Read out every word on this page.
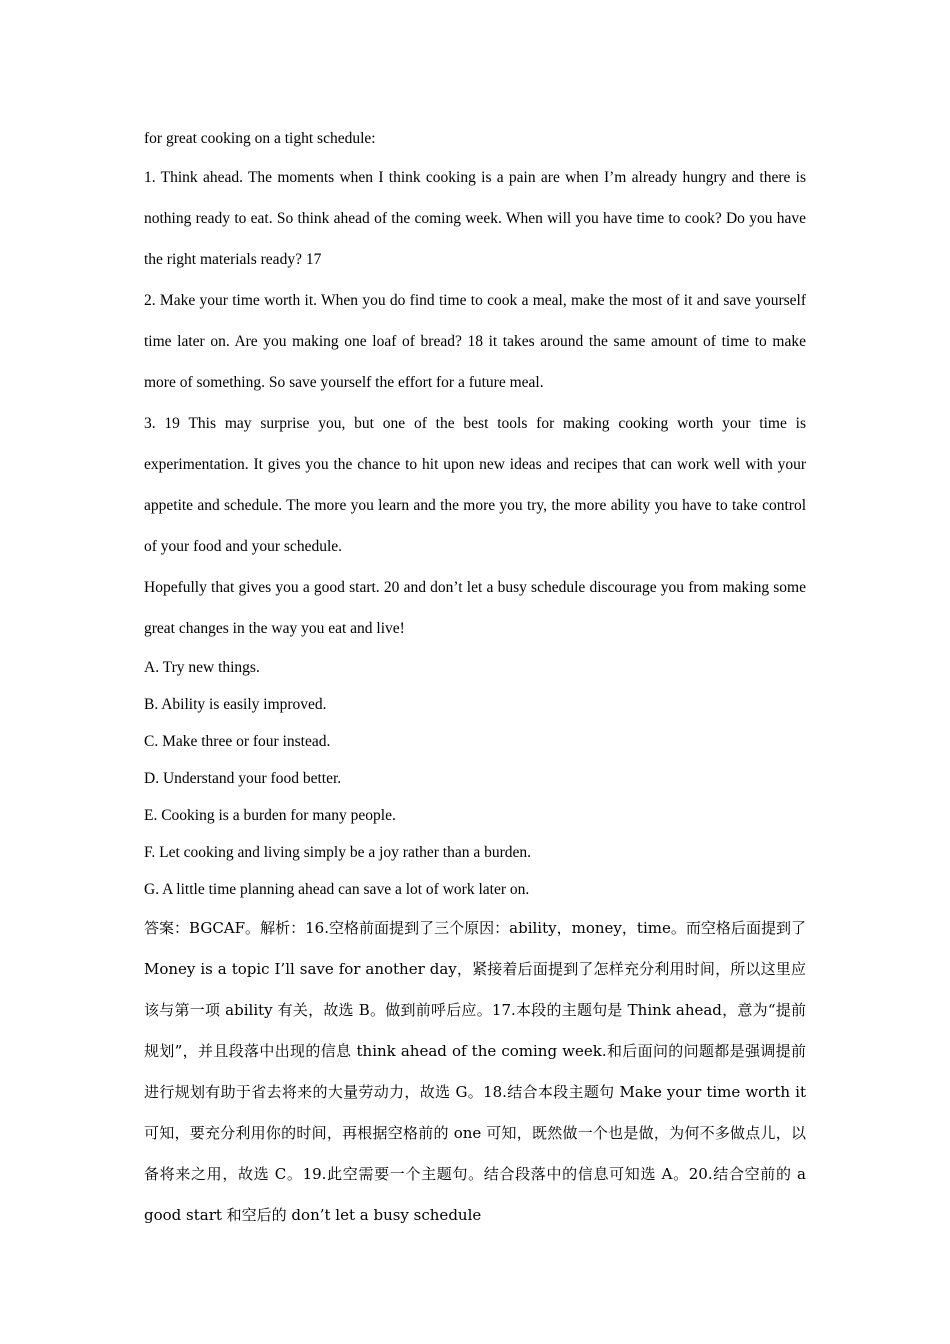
for great cooking on a tight schedule:

1. Think ahead. The moments when I think cooking is a pain are when I’m already hungry and there is nothing ready to eat. So think ahead of the coming week. When will you have time to cook? Do you have the right materials ready? 17

2. Make your time worth it. When you do find time to cook a meal, make the most of it and save yourself time later on. Are you making one loaf of bread? 18 it takes around the same amount of time to make more of something. So save yourself the effort for a future meal.

3. 19 This may surprise you, but one of the best tools for making cooking worth your time is experimentation. It gives you the chance to hit upon new ideas and recipes that can work well with your appetite and schedule. The more you learn and the more you try, the more ability you have to take control of your food and your schedule.

Hopefully that gives you a good start. 20 and don’t let a busy schedule discourage you from making some great changes in the way you eat and live!

A. Try new things.

B. Ability is easily improved.

C. Make three or four instead.

D. Understand your food better.

E. Cooking is a burden for many people.

F. Let cooking and living simply be a joy rather than a burden.

G. A little time planning ahead can save a lot of work later on.

答案：BGCAF。解析：16.空格前面提到了三个原因：ability，money，time。而空格后面提到了 Money is a topic I’ll save for another day，紧接着后面提到了怎样充分利用时间，所以这里应该与第一项 ability 有关，故选 B。做到前呼后应。17.本段的主题句是 Think ahead，意为“提前规划”，并且段落中出现的信息 think ahead of the coming week.和后面问的问题都是强调提前进行规划有助于省去将来的大量劳动力，故选 G。18.结合本段主题句 Make your time worth it 可知，要充分利用你的时间，再根据空格前的 one 可知，既然做一个也是做，为何不多做点儿，以备将来之用，故选 C。19.此空需要一个主题句。结合段落中的信息可知选 A。20.结合空前的 a good start 和空后的 don’t let a busy schedule
